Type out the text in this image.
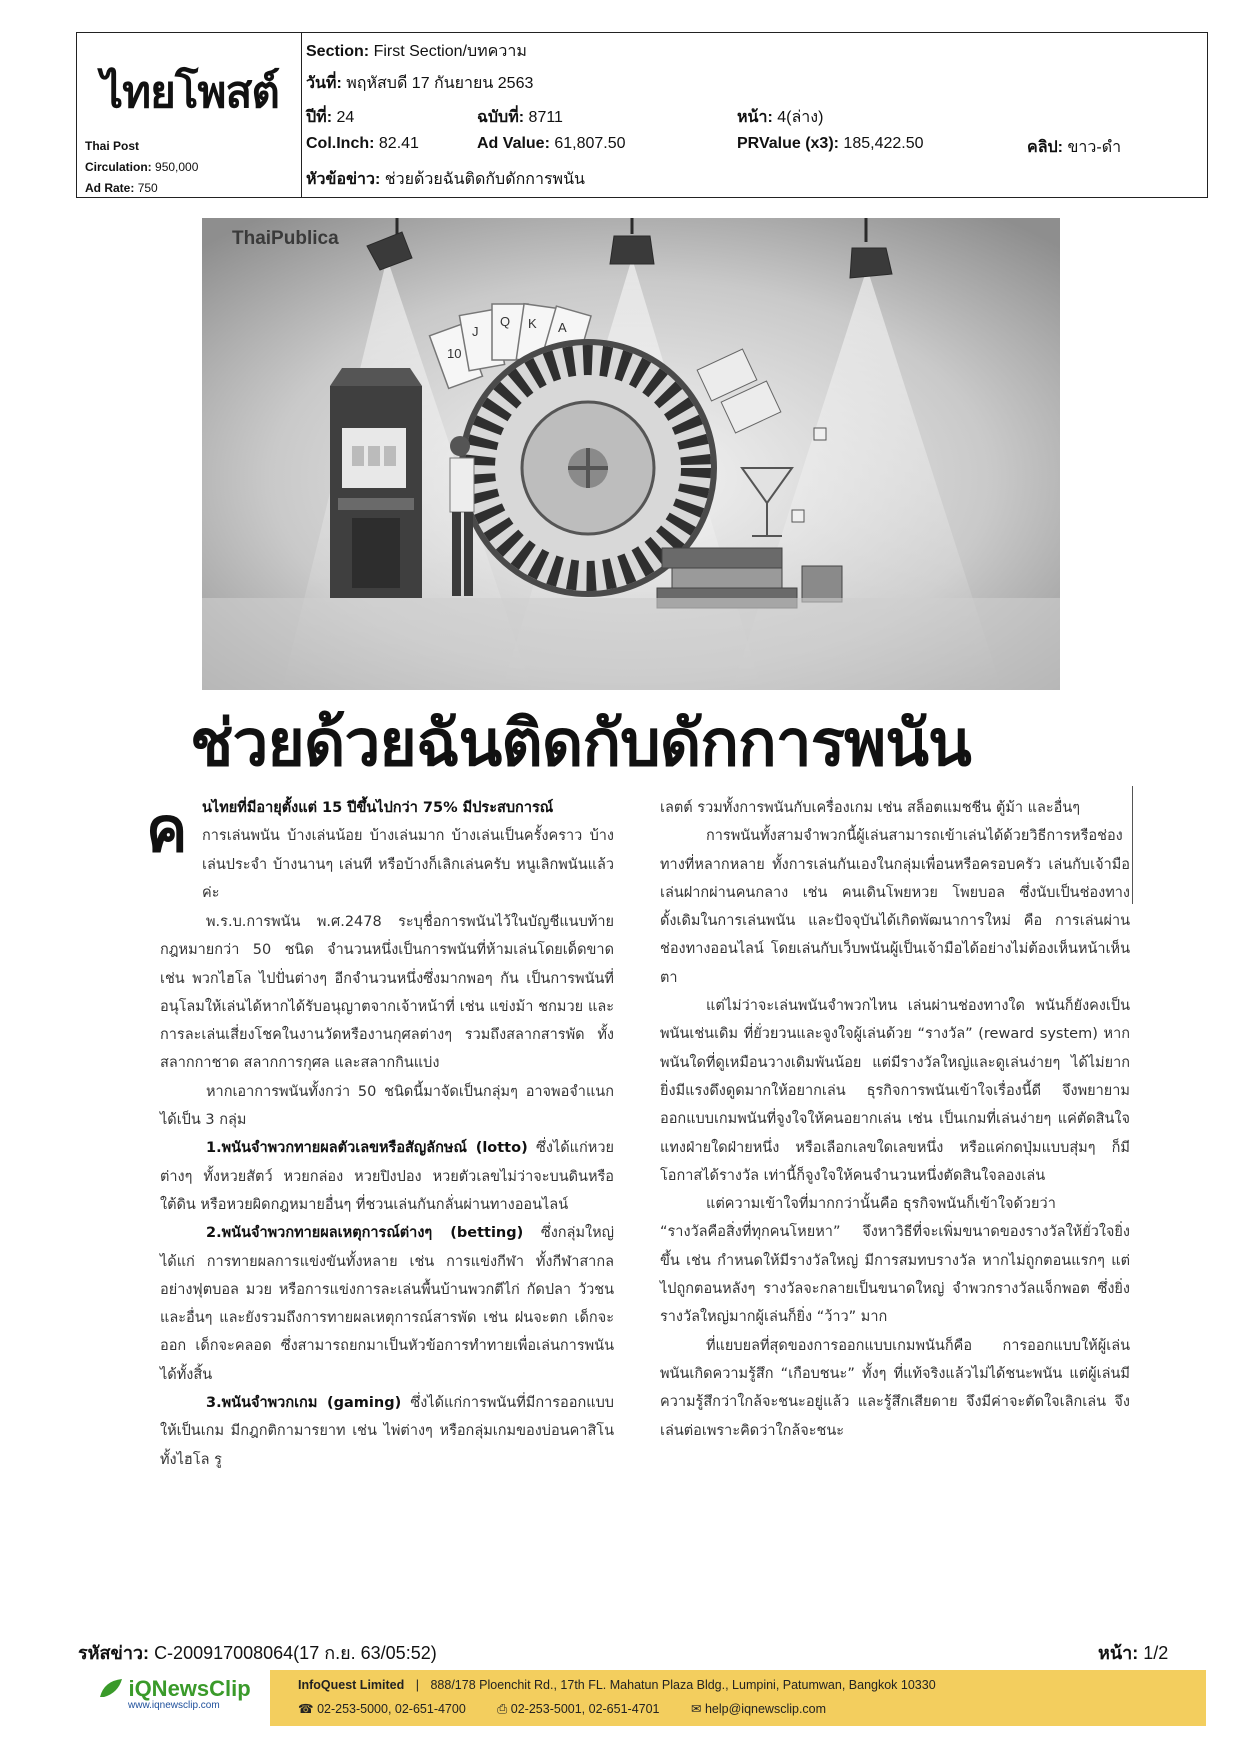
ไทยโพสต์
Thai Post
Circulation: 950,000
Ad Rate: 750
Section: First Section/บทความ
วันที่: พฤหัสบดี 17 กันยายน 2563
ปีที่: 24	ฉบับที่: 8711	หน้า: 4(ล่าง)
Col.Inch: 82.41	Ad Value: 61,807.50	PRValue (x3): 185,422.50	คลิป: ขาว-ดำ
หัวข้อข่าว: ช่วยด้วยฉันติดกับดักการพนัน
ThaiPublica
10
J
Q K A
ช่วยด้วยฉันติดกับดักการพนัน
ค นไทยที่มีอายุตั้งแต่ 15 ปีขึ้นไปกว่า 75% มีประสบการณ์

การเล่นพนัน บ้างเล่นน้อย บ้างเล่นมาก บ้างเล่นเป็นครั้งคราว บ้างเล่นประจำ บ้างนานๆ เล่นที หรือบ้างก็เลิกเล่นครับ หนูเลิกพนันแล้วค่ะ

พ.ร.บ.การพนัน พ.ศ.2478 ระบุชื่อการพนันไว้ในบัญชีแนบท้ายกฎหมายกว่า 50 ชนิด จำนวนหนึ่งเป็นการพนันที่ห้ามเล่นโดยเด็ดขาด เช่น พวกไฮโล ไปปั่นต่างๆ อีกจำนวนหนึ่งซึ่งมากพอๆ กัน เป็นการพนันที่อนุโลมให้เล่นได้หากได้รับอนุญาตจากเจ้าหน้าที่ เช่น แข่งม้า ชกมวย และการละเล่นเสี่ยงโชคในงานวัดหรืองานกุศลต่างๆ รวมถึงสลากสารพัด ทั้งสลากกาชาด สลากการกุศล และสลากกินแบ่ง

หากเอาการพนันทั้งกว่า 50 ชนิดนี้มาจัดเป็นกลุ่มๆ อาจพอจำแนกได้เป็น 3 กลุ่ม

1.พนันจำพวกทายผลตัวเลขหรือสัญลักษณ์ (lotto) ซึ่งได้แก่หวยต่างๆ ทั้งหวยสัตว์ หวยกล่อง หวยปิงปอง หวยตัวเลขไม่ว่าจะบนดินหรือใต้ดิน หรือหวยผิดกฎหมายอื่นๆ ที่ชวนเล่นกันกลั่นผ่านทางออนไลน์

2.พนันจำพวกทายผลเหตุการณ์ต่างๆ (betting) ซึ่งกลุ่มใหญ่ได้แก่ การทายผลการแข่งขันทั้งหลาย เช่น การแข่งกีฬา ทั้งกีฬาสากลอย่างฟุตบอล มวย หรือการแข่งการละเล่นพื้นบ้านพวกตีไก่ กัดปลา วัวชน และอื่นๆ และยังรวมถึงการทายผลเหตุการณ์สารพัด เช่น ฝนจะตก เด็กจะออก เด็กจะคลอด ซึ่งสามารถยกมาเป็นหัวข้อการทำทายเพื่อเล่นการพนันได้ทั้งสิ้น

3.พนันจำพวกเกม (gaming) ซึ่งได้แก่การพนันที่มีการออกแบบให้เป็นเกม มีกฎกติกามารยาท เช่น ไพ่ต่างๆ หรือกลุ่มเกมของบ่อนคาสิโน ทั้งไฮโล รู

เลตต์ รวมทั้งการพนันกับเครื่องเกม เช่น สล็อตแมชชีน ตู้ม้า และอื่นๆ

การพนันทั้งสามจำพวกนี้ผู้เล่นสามารถเข้าเล่นได้ด้วยวิธีการหรือช่องทางที่หลากหลาย ทั้งการเล่นกันเองในกลุ่มเพื่อนหรือครอบครัว เล่นกับเจ้ามือ เล่นฝากผ่านคนกลาง เช่น คนเดินโพยหวย โพยบอล ซึ่งนับเป็นช่องทางดั้งเดิมในการเล่นพนัน และปัจจุบันได้เกิดพัฒนาการใหม่ คือ การเล่นผ่านช่องทางออนไลน์ โดยเล่นกับเว็บพนันผู้เป็นเจ้ามือได้อย่างไม่ต้องเห็นหน้าเห็นตา

แต่ไม่ว่าจะเล่นพนันจำพวกไหน เล่นผ่านช่องทางใด พนันก็ยังคงเป็นพนันเช่นเดิม ที่ยั่วยวนและจูงใจผู้เล่นด้วย “รางวัล” (reward system) หากพนันใดที่ดูเหมือนวางเดิมพันน้อย แต่มีรางวัลใหญ่และดูเล่นง่ายๆ ได้ไม่ยาก ยิ่งมีแรงดึงดูดมากให้อยากเล่น ธุรกิจการพนันเข้าใจเรื่องนี้ดี จึงพยายามออกแบบเกมพนันที่จูงใจให้คนอยากเล่น เช่น เป็นเกมที่เล่นง่ายๆ แค่ตัดสินใจแทงฝ่ายใดฝ่ายหนึ่ง หรือเลือกเลขใดเลขหนึ่ง หรือแค่กดปุ่มแบบสุ่มๆ ก็มีโอกาสได้รางวัล เท่านี้ก็จูงใจให้คนจำนวนหนึ่งตัดสินใจลองเล่น

แต่ความเข้าใจที่มากกว่านั้นคือ ธุรกิจพนันก็เข้าใจด้วยว่า

“รางวัลคือสิ่งที่ทุกคนโหยหา” จึงหาวิธีที่จะเพิ่มขนาดของรางวัลให้ยั่วใจยิ่งขึ้น เช่น กำหนดให้มีรางวัลใหญ่ มีการสมทบรางวัล หากไม่ถูกตอนแรกๆ แต่ไปถูกตอนหลังๆ รางวัลจะกลายเป็นขนาดใหญ่ จำพวกรางวัลแจ็กพอต ซึ่งยิ่งรางวัลใหญ่มากผู้เล่นก็ยิ่ง “ว้าว” มาก

ที่แยบยลที่สุดของการออกแบบเกมพนันก็คือ การออกแบบให้ผู้เล่นพนันเกิดความรู้สึก “เกือบชนะ” ทั้งๆ ที่แท้จริงแล้วไม่ได้ชนะพนัน แต่ผู้เล่นมีความรู้สึกว่าใกล้จะชนะอยู่แล้ว และรู้สึกเสียดาย จึงมีค่าจะตัดใจเลิกเล่น จึงเล่นต่อเพราะคิดว่าใกล้จะชนะ

รหัสข่าว: C-200917008064(17 ก.ย. 63/05:52)	หน้า: 1/2
iQNewsClip
www.iqnewsclip.com
InfoQuest Limited | 888/178 Ploenchit Rd., 17th FL. Mahatun Plaza Bldg., Lumpini, Patumwan, Bangkok 10330
☎ 02-253-5000, 02-651-4700	⎙ 02-253-5001, 02-651-4701	✉ help@iqnewsclip.com
